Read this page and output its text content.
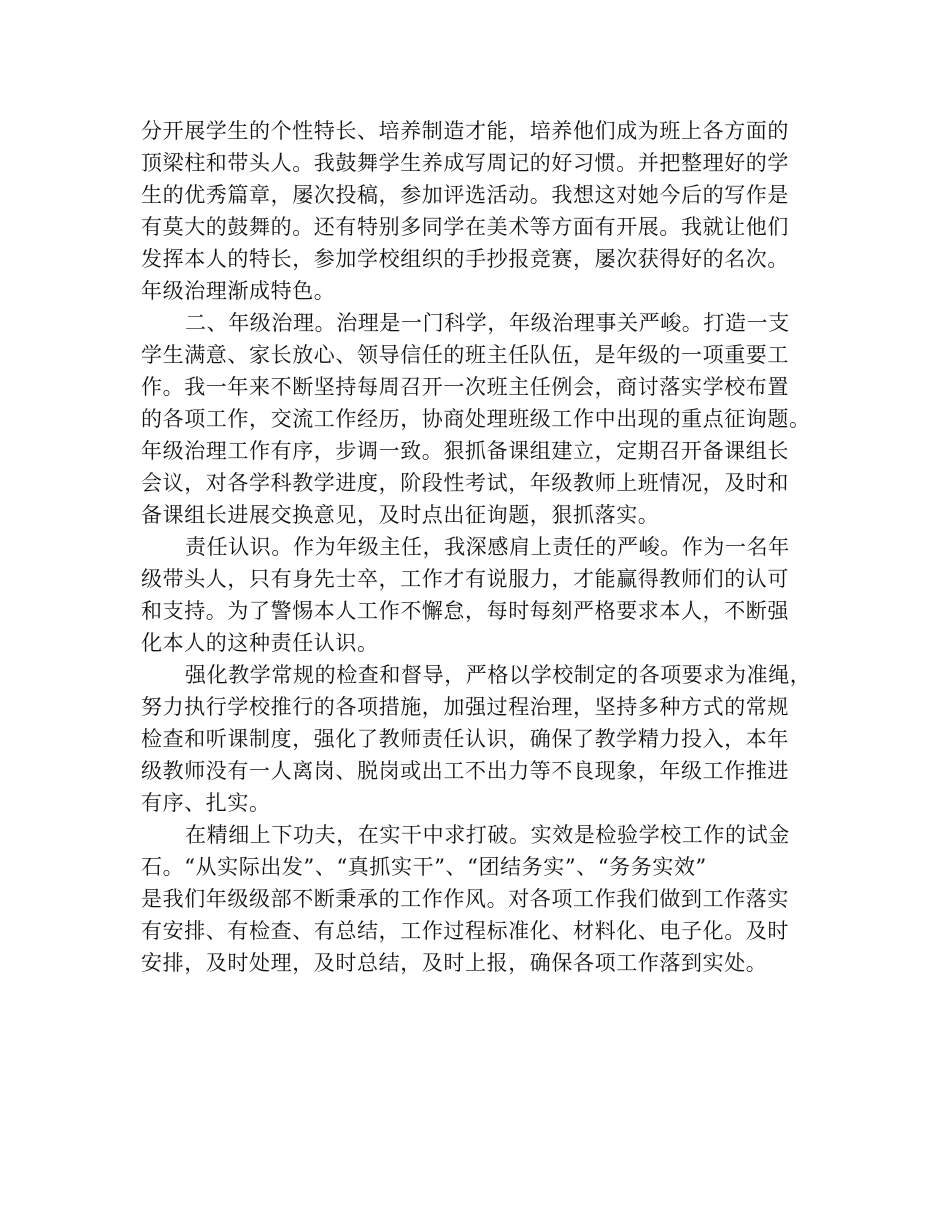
分开展学生的个性特长、培养制造才能，培养他们成为班上各方面的
顶梁柱和带头人。我鼓舞学生养成写周记的好习惯。并把整理好的学
生的优秀篇章，屡次投稿，参加评选活动。我想这对她今后的写作是
有莫大的鼓舞的。还有特别多同学在美术等方面有开展。我就让他们
发挥本人的特长，参加学校组织的手抄报竞赛，屡次获得好的名次。
年级治理渐成特色。
二、年级治理。治理是一门科学，年级治理事关严峻。打造一支
学生满意、家长放心、领导信任的班主任队伍，是年级的一项重要工
作。我一年来不断坚持每周召开一次班主任例会，商讨落实学校布置
的各项工作，交流工作经历，协商处理班级工作中出现的重点征询题。
年级治理工作有序，步调一致。狠抓备课组建立，定期召开备课组长
会议，对各学科教学进度，阶段性考试，年级教师上班情况，及时和
备课组长进展交换意见，及时点出征询题，狠抓落实。
责任认识。作为年级主任，我深感肩上责任的严峻。作为一名年
级带头人，只有身先士卒，工作才有说服力，才能赢得教师们的认可
和支持。为了警惕本人工作不懈怠，每时每刻严格要求本人，不断强
化本人的这种责任认识。
强化教学常规的检查和督导，严格以学校制定的各项要求为准绳，
努力执行学校推行的各项措施，加强过程治理，坚持多种方式的常规
检查和听课制度，强化了教师责任认识，确保了教学精力投入，本年
级教师没有一人离岗、脱岗或出工不出力等不良现象，年级工作推进
有序、扎实。
在精细上下功夫，在实干中求打破。实效是检验学校工作的试金
石。“从实际出发”、“真抓实干”、“团结务实”、“务务实效”
是我们年级级部不断秉承的工作作风。对各项工作我们做到工作落实
有安排、有检查、有总结，工作过程标准化、材料化、电子化。及时
安排，及时处理，及时总结，及时上报，确保各项工作落到实处。
